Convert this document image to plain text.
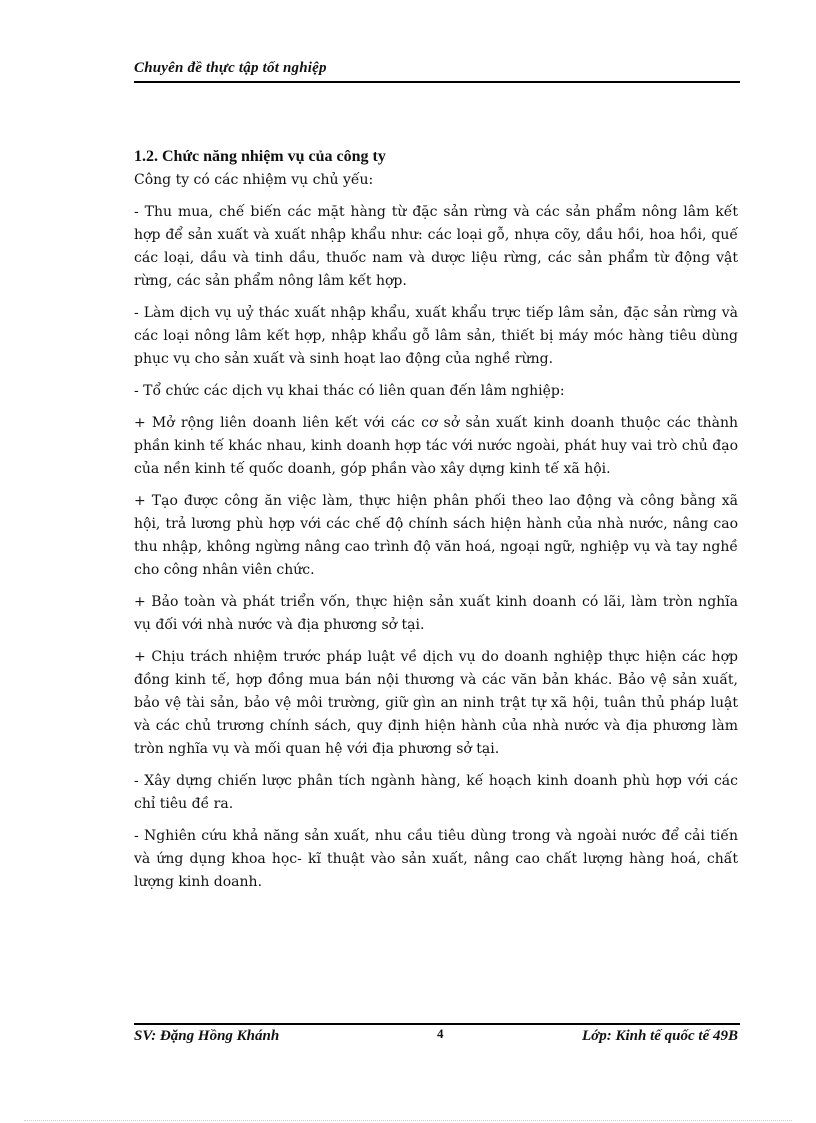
Chuyên đề thực tập tốt nghiệp

1.2. Chức năng nhiệm vụ của công ty

Công ty có các nhiệm vụ chủ yếu:

- Thu mua, chế biến các mặt hàng từ đặc sản rừng và các sản phẩm nông lâm kết hợp để sản xuất và xuất nhập khẩu như: các loại gỗ, nhựa cõy, dầu hồi, hoa hồi, quế các loại, dầu và tinh dầu, thuốc nam và dược liệu rừng, các sản phẩm từ động vật rừng, các sản phẩm nông lâm kết hợp.

- Làm dịch vụ uỷ thác xuất nhập khẩu, xuất khẩu trực tiếp lâm sản, đặc sản rừng và các loại nông lâm kết hợp, nhập khẩu gỗ lâm sản, thiết bị máy móc hàng tiêu dùng phục vụ cho sản xuất và sinh hoạt lao động của nghề rừng.

- Tổ chức các dịch vụ khai thác có liên quan đến lâm nghiệp:

+ Mở rộng liên doanh liên kết với các cơ sở sản xuất kinh doanh thuộc các thành phần kinh tế khác nhau, kinh doanh hợp tác với nước ngoài, phát huy vai trò chủ đạo của nền kinh tế quốc doanh, góp phần vào xây dựng kinh tế xã hội.

+ Tạo được công ăn việc làm, thực hiện phân phối theo lao động và công bằng xã hội, trả lương phù hợp với các chế độ chính sách hiện hành của nhà nước, nâng cao thu nhập, không ngừng nâng cao trình độ văn hoá, ngoại ngữ, nghiệp vụ và tay nghề cho công nhân viên chức.

+ Bảo toàn và phát triển vốn, thực hiện sản xuất kinh doanh có lãi, làm tròn nghĩa vụ đối với nhà nước và địa phương sở tại.

+ Chịu trách nhiệm trước pháp luật về dịch vụ do doanh nghiệp thực hiện các hợp đồng kinh tế, hợp đồng mua bán nội thương và các văn bản khác. Bảo vệ sản xuất, bảo vệ tài sản, bảo vệ môi trường, giữ gìn an ninh trật tự xã hội, tuân thủ pháp luật và các chủ trương chính sách, quy định hiện hành của nhà nước và địa phương làm tròn nghĩa vụ và mối quan hệ với địa phương sở tại.

- Xây dựng chiến lược phân tích ngành hàng, kế hoạch kinh doanh phù hợp với các chỉ tiêu đề ra.

- Nghiên cứu khả năng sản xuất, nhu cầu tiêu dùng trong và ngoài nước để cải tiến và ứng dụng khoa học- kĩ thuật vào sản xuất, nâng cao chất lượng hàng hoá, chất lượng kinh doanh.

SV: Đặng Hồng Khánh	4	Lớp: Kinh tế quốc tế 49B
